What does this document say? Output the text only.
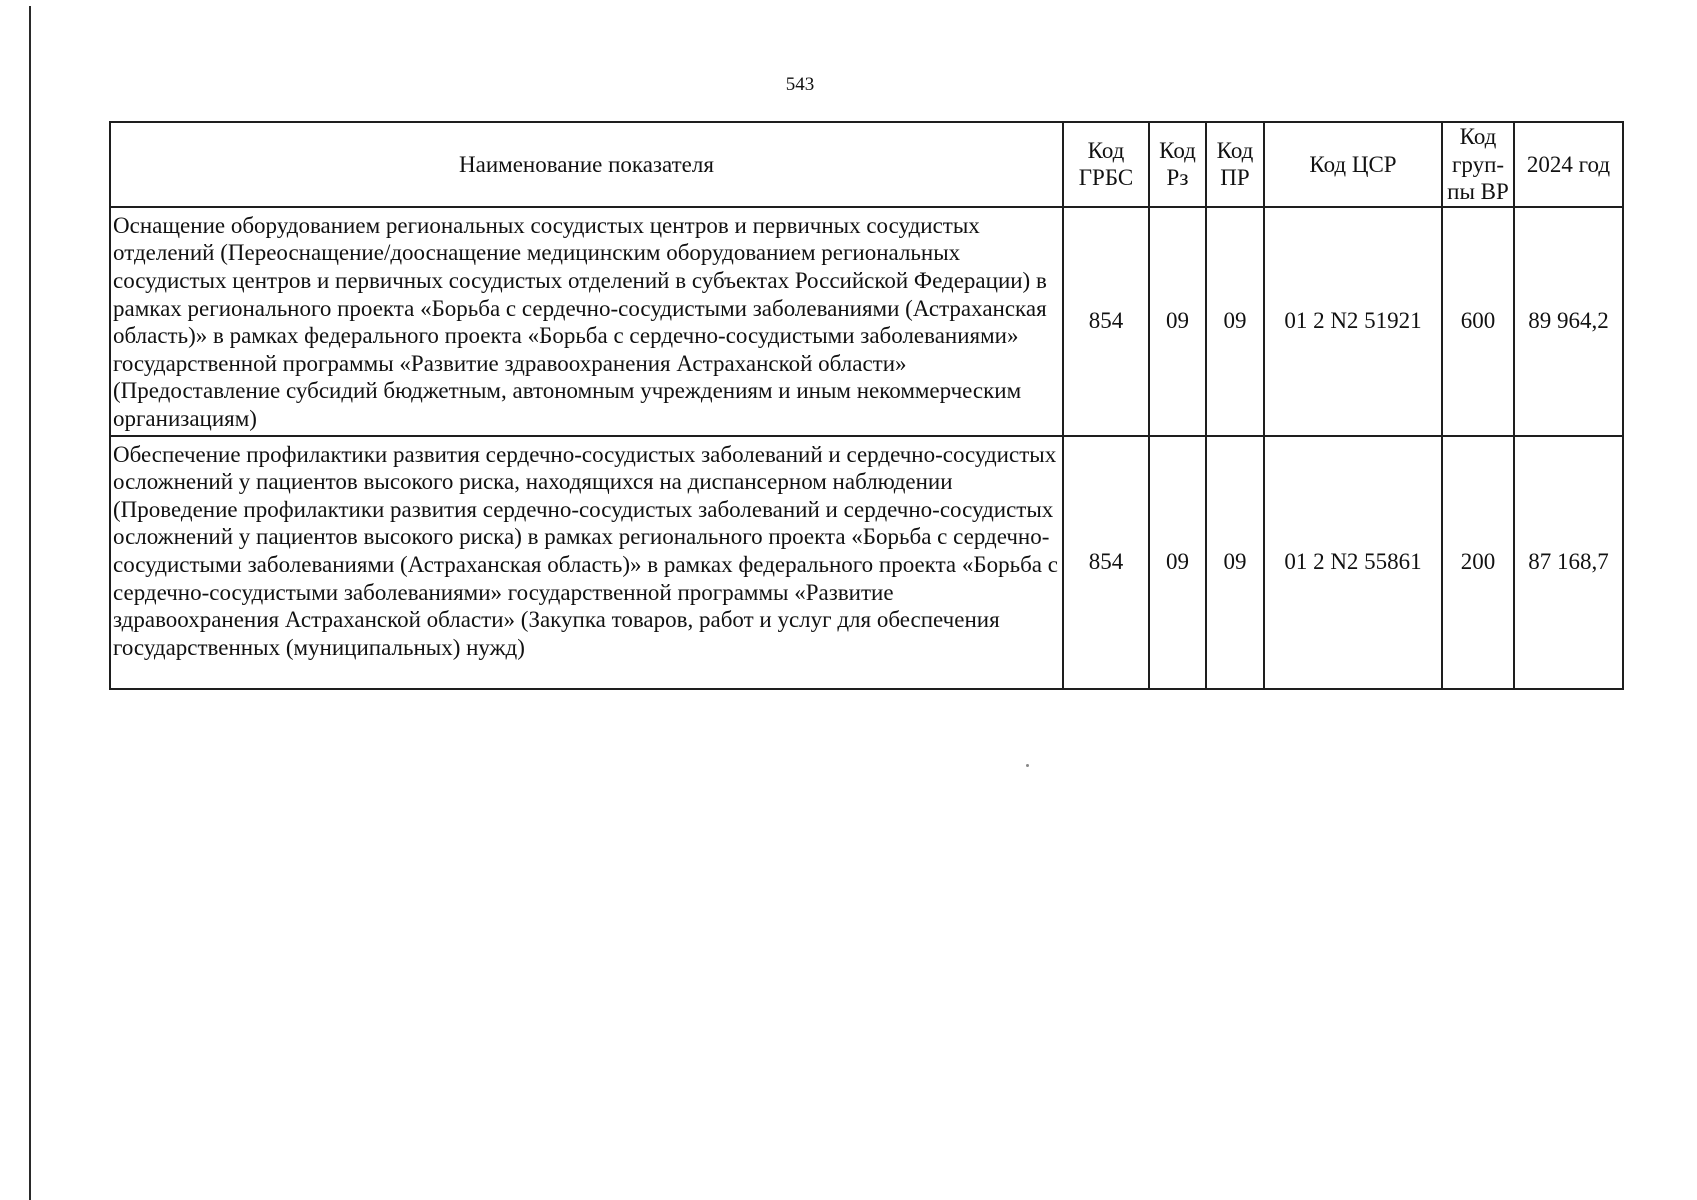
543
Наименование показателя	Код ГРБС	Код Рз	Код ПР	Код ЦСР	Код груп-пы ВР	2024 год
Оснащение оборудованием региональных сосудистых центров и первичных сосудистых отделений (Переоснащение/дооснащение медицинским оборудованием региональных сосудистых центров и первичных сосудистых отделений в субъектах Российской Федерации) в рамках регионального проекта «Борьба с сердечно-сосудистыми заболеваниями (Астраханская область)» в рамках федерального проекта «Борьба с сердечно-сосудистыми заболеваниями» государственной программы «Развитие здравоохранения Астраханской области» (Предоставление субсидий бюджетным, автономным учреждениям и иным некоммерческим организациям)	854	09	09	01 2 N2 51921	600	89 964,2
Обеспечение профилактики развития сердечно-сосудистых заболеваний и сердечно-сосудистых осложнений у пациентов высокого риска, находящихся на диспансерном наблюдении (Проведение профилактики развития сердечно-сосудистых заболеваний и сердечно-сосудистых осложнений у пациентов высокого риска) в рамках регионального проекта «Борьба с сердечно-сосудистыми заболеваниями (Астраханская область)» в рамках федерального проекта «Борьба с сердечно-сосудистыми заболеваниями» государственной программы «Развитие здравоохранения Астраханской области» (Закупка товаров, работ и услуг для обеспечения государственных (муниципальных) нужд)	854	09	09	01 2 N2 55861	200	87 168,7
